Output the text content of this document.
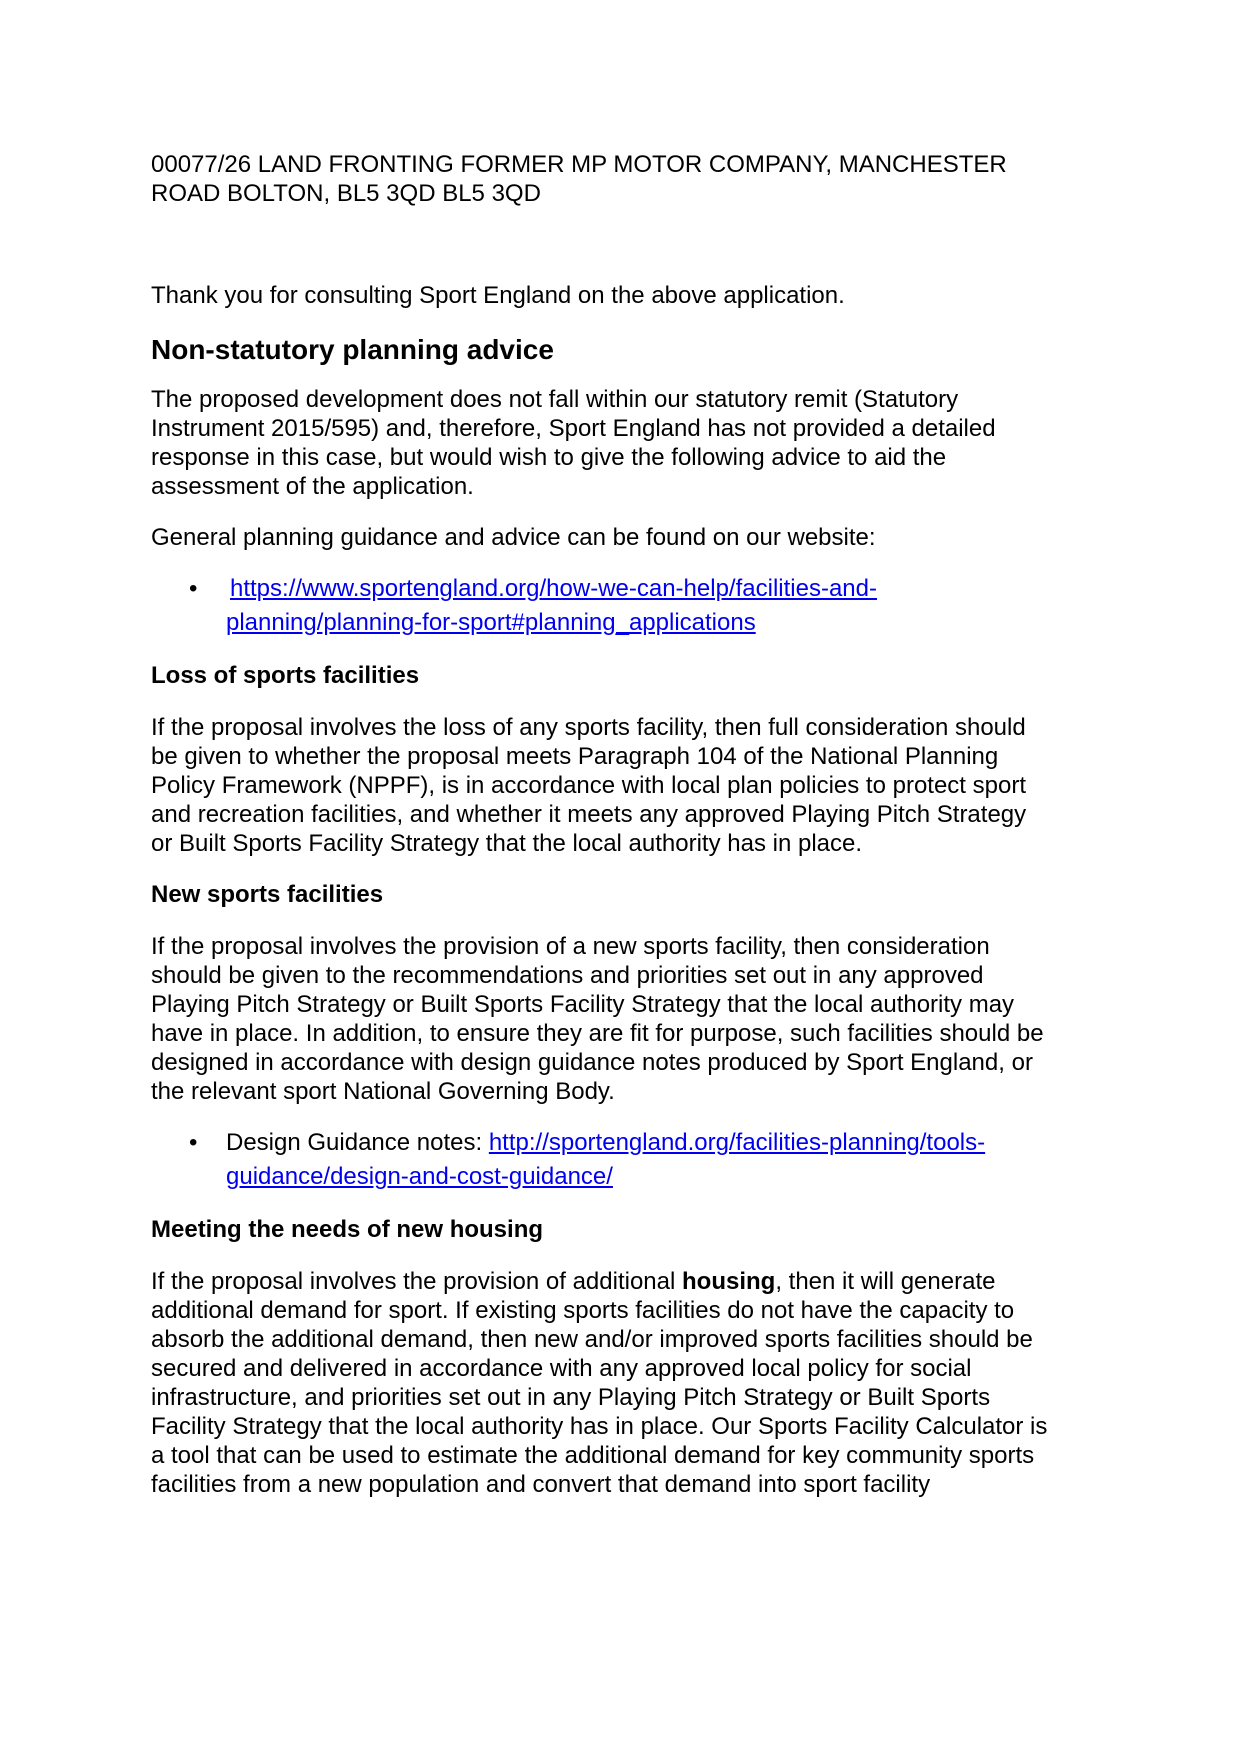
00077/26 LAND FRONTING FORMER MP MOTOR COMPANY, MANCHESTER

ROAD BOLTON, BL5 3QD BL5 3QD

Thank you for consulting Sport England on the above application.

Non-statutory planning advice

The proposed development does not fall within our statutory remit (Statutory

Instrument 2015/595) and, therefore, Sport England has not provided a detailed

response in this case, but would wish to give the following advice to aid the

assessment of the application.

General planning guidance and advice can be found on our website:

• https://www.sportengland.org/how-we-can-help/facilities-and-
planning/planning-for-sport#planning_applications
Loss of sports facilities

If the proposal involves the loss of any sports facility, then full consideration should

be given to whether the proposal meets Paragraph 104 of the National Planning

Policy Framework (NPPF), is in accordance with local plan policies to protect sport

and recreation facilities, and whether it meets any approved Playing Pitch Strategy

or Built Sports Facility Strategy that the local authority has in place.

New sports facilities

If the proposal involves the provision of a new sports facility, then consideration

should be given to the recommendations and priorities set out in any approved

Playing Pitch Strategy or Built Sports Facility Strategy that the local authority may

have in place. In addition, to ensure they are fit for purpose, such facilities should be

designed in accordance with design guidance notes produced by Sport England, or

the relevant sport National Governing Body.

• Design Guidance notes: http://sportengland.org/facilities-planning/tools-
guidance/design-and-cost-guidance/
Meeting the needs of new housing

If the proposal involves the provision of additional housing, then it will generate

additional demand for sport. If existing sports facilities do not have the capacity to

absorb the additional demand, then new and/or improved sports facilities should be

secured and delivered in accordance with any approved local policy for social

infrastructure, and priorities set out in any Playing Pitch Strategy or Built Sports

Facility Strategy that the local authority has in place. Our Sports Facility Calculator is

a tool that can be used to estimate the additional demand for key community sports

facilities from a new population and convert that demand into sport facility
